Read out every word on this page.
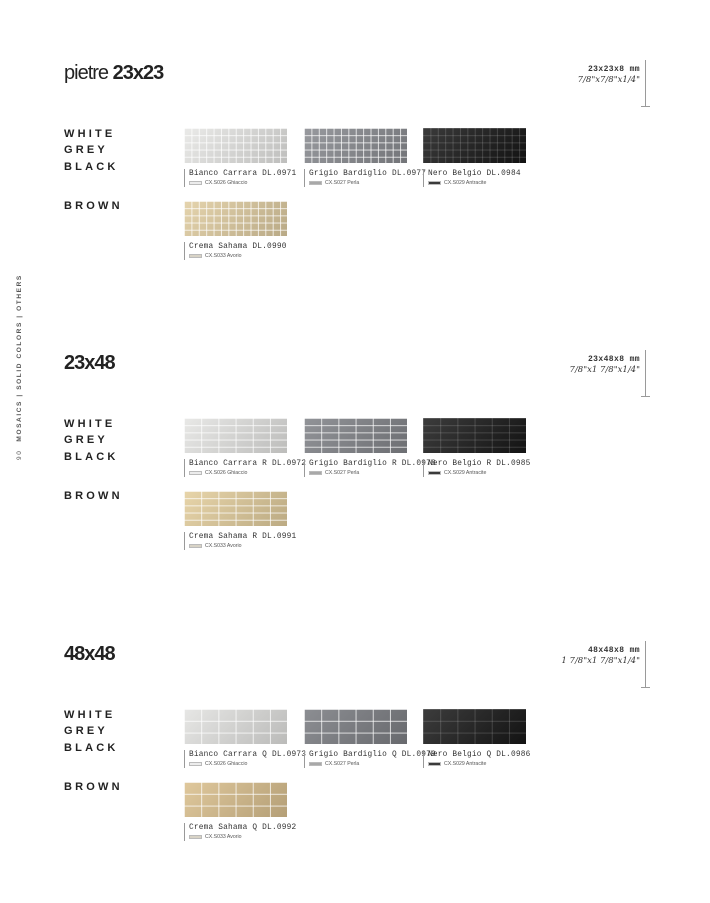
90MOSAICS | SOLID COLORS | OTHERS
pietre 23x23	23x23x8 mm
7/8"x7/8"x1/4"
WHITE
GREY
BLACK
BROWN
Bianco Carrara DL.0971
CX.S026 Ghiaccio
Grigio Bardiglio DL.0977
CX.S027 Perla
Nero Belgio DL.0984
CX.S029 Antracite
Crema Sahama DL.0990
CX.S033 Avorio
23x48	23x48x8 mm
7/8"x1 7/8"x1/4"
WHITE
GREY
BLACK
BROWN
Bianco Carrara R DL.0972
CX.S026 Ghiaccio
Grigio Bardiglio R DL.0978
CX.S027 Perla
Nero Belgio R DL.0985
CX.S029 Antracite
Crema Sahama R DL.0991
CX.S033 Avorio
48x48	48x48x8 mm
1 7/8"x1 7/8"x1/4"
WHITE
GREY
BLACK
BROWN
Bianco Carrara Q DL.0973
CX.S026 Ghiaccio
Grigio Bardiglio Q DL.0979
CX.S027 Perla
Nero Belgio Q DL.0986
CX.S029 Antracite
Crema Sahama Q DL.0992
CX.S033 Avorio
